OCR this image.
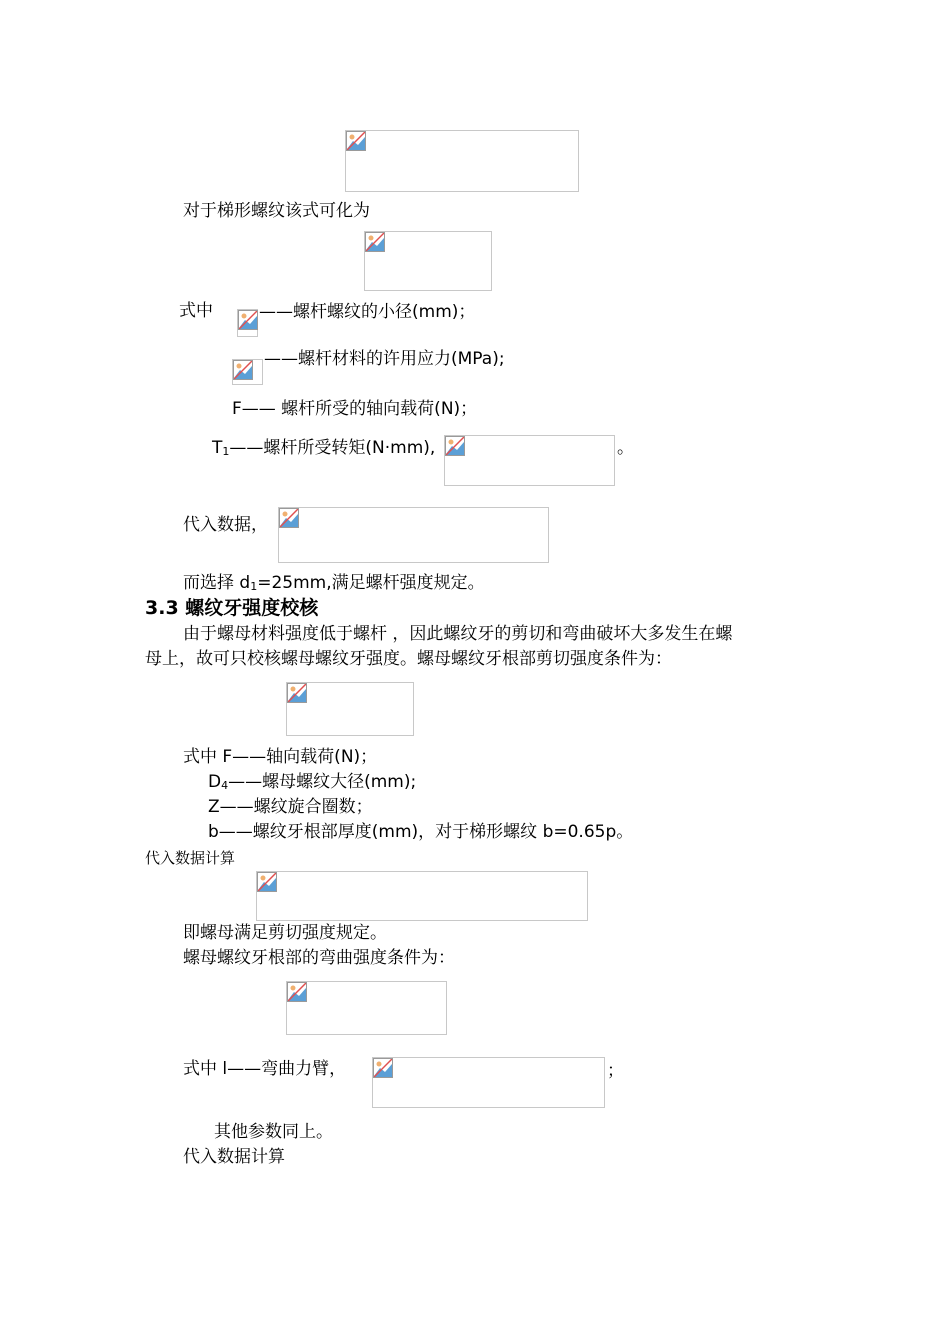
对于梯形螺纹该式可化为
式中	——螺杆螺纹的小径(mm)；
——螺杆材料的许用应力(MPa);
F—— 螺杆所受的轴向载荷(N)；
$T_1——$螺杆所受转矩(N·mm),	。
代入数据，
而选择 $d_1=25mm$,满足螺杆强度规定。
3.3 螺纹牙强度校核
由于螺母材料强度低于螺杆 ，因此螺纹牙的剪切和弯曲破坏大多发生在螺
母上，故可只校核螺母螺纹牙强度。螺母螺纹牙根部剪切强度条件为：
式中 F——轴向载荷(N)；
$D_4——$螺母螺纹大径(mm);
Z——螺纹旋合圈数；
b——螺纹牙根部厚度(mm)，对于梯形螺纹 b=0.65p。
代入数据计算
即螺母满足剪切强度规定。
螺母螺纹牙根部的弯曲强度条件为：
式中 l——弯曲力臂，	；
其他参数同上。
代入数据计算
